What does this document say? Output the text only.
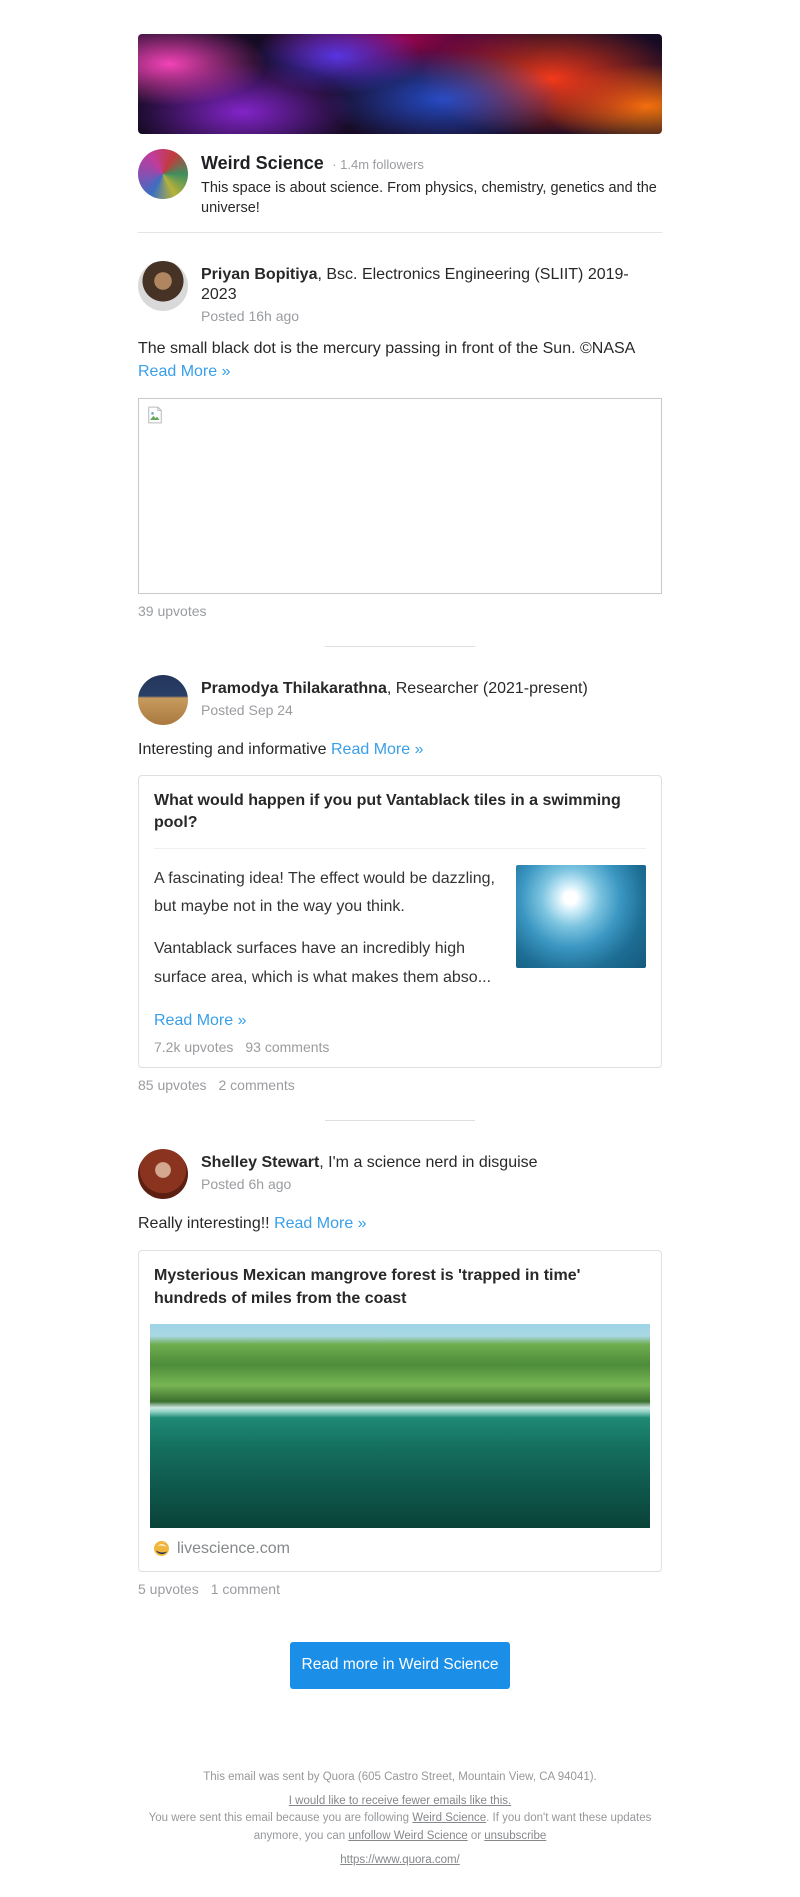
Weird Science · 1.4m followers
This space is about science. From physics, chemistry, genetics and the universe!
Priyan Bopitiya, Bsc. Electronics Engineering (SLIIT) 2019-2023
Posted 16h ago
The small black dot is the mercury passing in front of the Sun. ©NASA Read More »
39 upvotes
Pramodya Thilakarathna, Researcher (2021-present)
Posted Sep 24
Interesting and informative Read More »
What would happen if you put Vantablack tiles in a swimming pool?

A fascinating idea! The effect would be dazzling, but maybe not in the way you think.

Vantablack surfaces have an incredibly high surface area, which is what makes them abso...

Read More »
7.2k upvotes 93 comments
85 upvotes 2 comments
Shelley Stewart, I'm a science nerd in disguise
Posted 6h ago
Really interesting!! Read More »
Mysterious Mexican mangrove forest is 'trapped in time' hundreds of miles from the coast
livescience.com
5 upvotes 1 comment
Read more in Weird Science
This email was sent by Quora (605 Castro Street, Mountain View, CA 94041).
I would like to receive fewer emails like this.
You were sent this email because you are following Weird Science. If you don't want these updates anymore, you can unfollow Weird Science or unsubscribe
https://www.quora.com/
